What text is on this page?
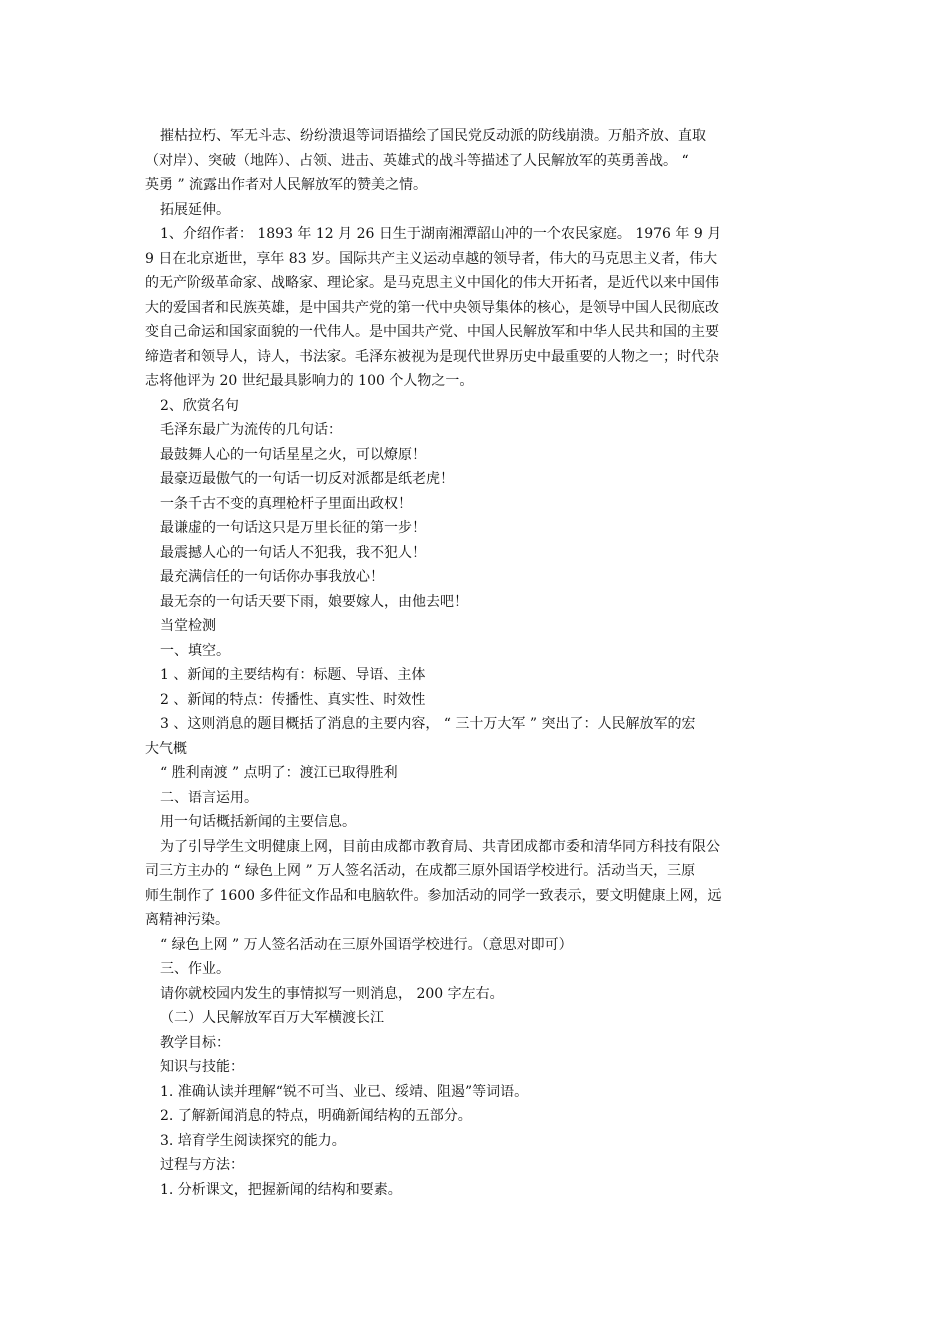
摧枯拉朽、军无斗志、纷纷溃退等词语描绘了国民党反动派的防线崩溃。万船齐放、直取
（对岸）、突破（地阵）、占领、进击、英雄式的战斗等描述了人民解放军的英勇善战。 “
英勇 ” 流露出作者对人民解放军的赞美之情。
拓展延伸。
1、介绍作者： 1893 年 12 月 26 日生于湖南湘潭韶山冲的一个农民家庭。 1976 年 9 月
9 日在北京逝世，享年 83 岁。国际共产主义运动卓越的领导者，伟大的马克思主义者，伟大
的无产阶级革命家、战略家、理论家。是马克思主义中国化的伟大开拓者，是近代以来中国伟
大的爱国者和民族英雄，是中国共产党的第一代中央领导集体的核心，是领导中国人民彻底改
变自己命运和国家面貌的一代伟人。是中国共产党、中国人民解放军和中华人民共和国的主要
缔造者和领导人，诗人，书法家。毛泽东被视为是现代世界历史中最重要的人物之一；时代杂
志将他评为 20 世纪最具影响力的 100 个人物之一。
2、欣赏名句
毛泽东最广为流传的几句话：
最鼓舞人心的一句话星星之火，可以燎原！
最豪迈最傲气的一句话一切反对派都是纸老虎！
一条千古不变的真理枪杆子里面出政权！
最谦虚的一句话这只是万里长征的第一步！
最震撼人心的一句话人不犯我，我不犯人！
最充满信任的一句话你办事我放心！
最无奈的一句话天要下雨，娘要嫁人，由他去吧！
当堂检测
一、填空。
1 、新闻的主要结构有：标题、导语、主体
2 、新闻的特点：传播性、真实性、时效性
3 、这则消息的题目概括了消息的主要内容， “ 三十万大军 ” 突出了：人民解放军的宏
大气概
“ 胜利南渡 ” 点明了：渡江已取得胜利
二、语言运用。
用一句话概括新闻的主要信息。
为了引导学生文明健康上网，目前由成都市教育局、共青团成都市委和清华同方科技有限公
司三方主办的 “ 绿色上网 ” 万人签名活动，在成都三原外国语学校进行。活动当天，三原
师生制作了 1600 多件征文作品和电脑软件。参加活动的同学一致表示，要文明健康上网，远
离精神污染。
“ 绿色上网 ” 万人签名活动在三原外国语学校进行。（意思对即可）
三、作业。
请你就校园内发生的事情拟写一则消息， 200 字左右。
（二）人民解放军百万大军横渡长江
教学目标：
知识与技能：
1. 准确认读并理解“锐不可当、业已、绥靖、阻遏”等词语。
2. 了解新闻消息的特点，明确新闻结构的五部分。
3. 培育学生阅读探究的能力。
过程与方法：
1. 分析课文，把握新闻的结构和要素。
